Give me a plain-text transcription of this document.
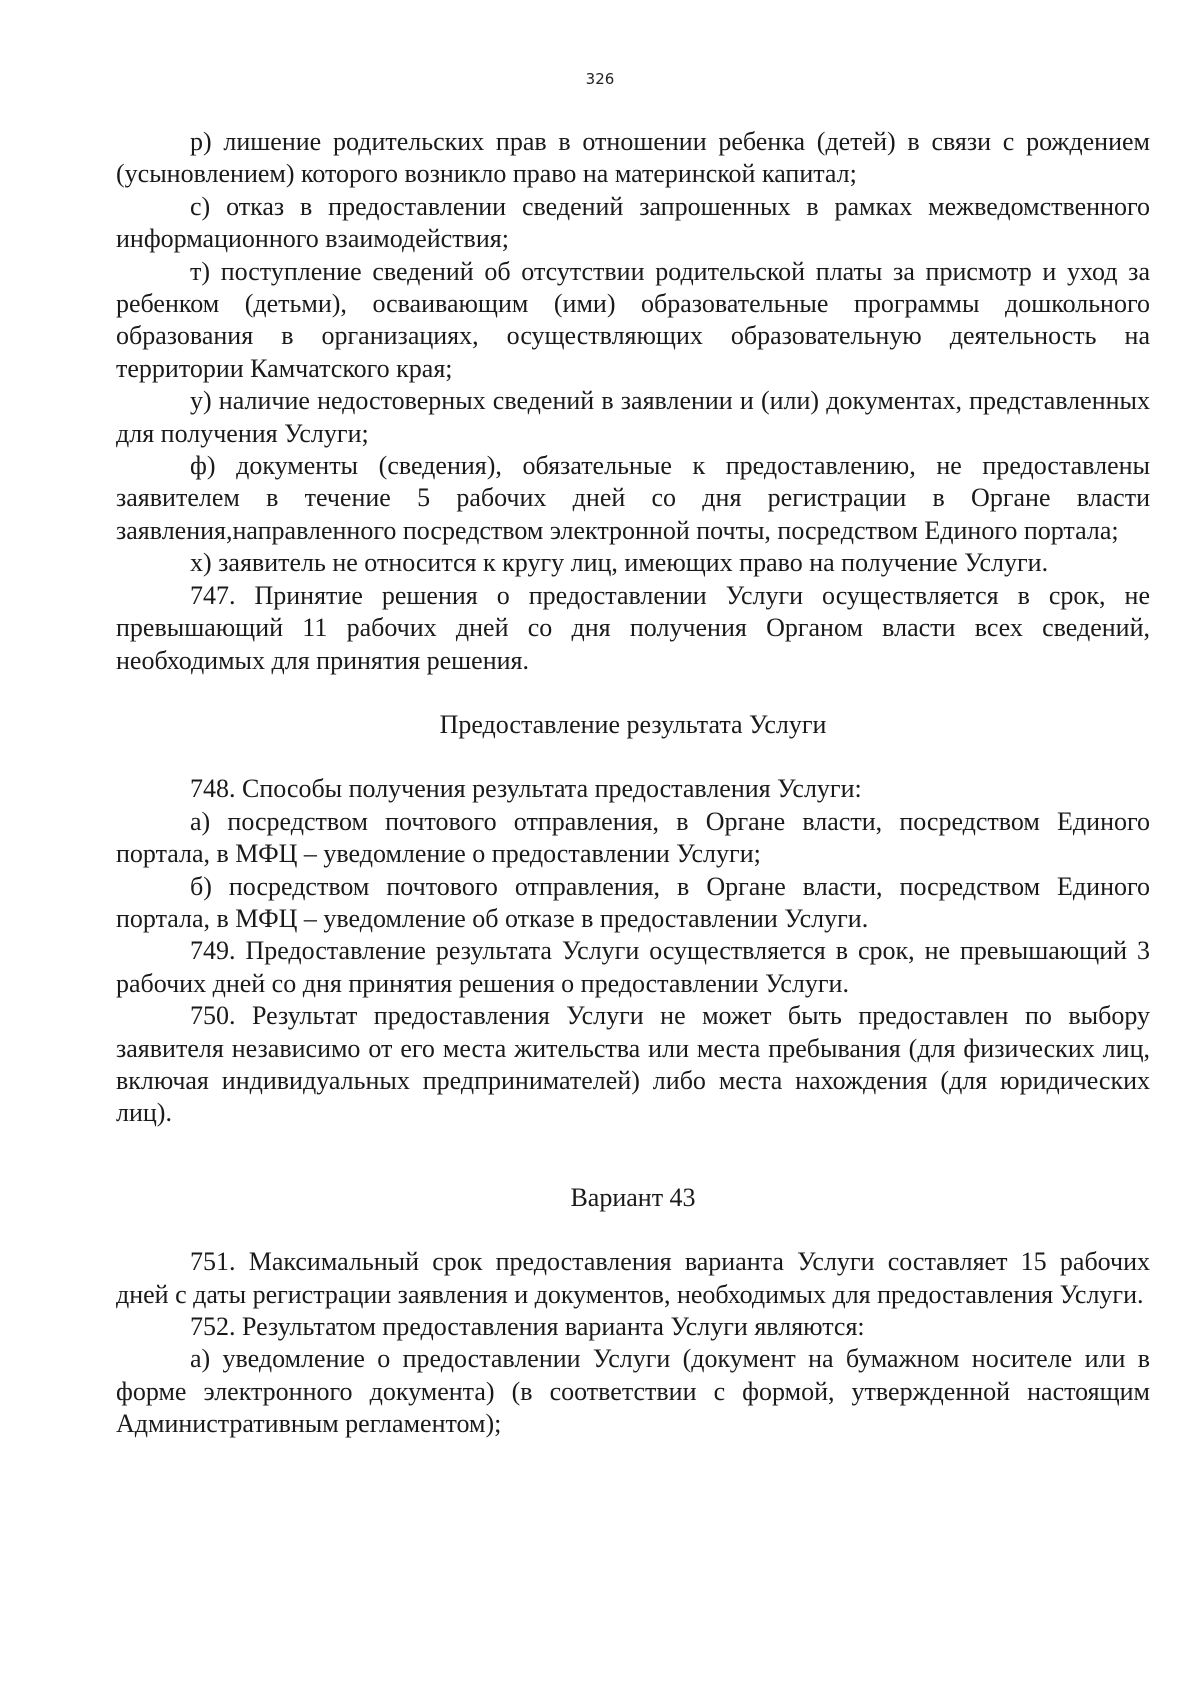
326

р) лишение родительских прав в отношении ребенка (детей) в связи с рождением (усыновлением) которого возникло право на материнской капитал;

с) отказ в предоставлении сведений запрошенных в рамках межведомственного информационного взаимодействия;

т) поступление сведений об отсутствии родительской платы за присмотр и уход за ребенком (детьми), осваивающим (ими) образовательные программы дошкольного образования в организациях, осуществляющих образовательную деятельность на территории Камчатского края;

у) наличие недостоверных сведений в заявлении и (или) документах, представленных для получения Услуги;

ф) документы (сведения), обязательные к предоставлению, не предоставлены заявителем в течение 5 рабочих дней со дня регистрации в Органе власти заявления,направленного посредством электронной почты, посредством Единого портала;

х) заявитель не относится к кругу лиц, имеющих право на получение Услуги.

747. Принятие решения о предоставлении Услуги осуществляется в срок, не превышающий 11 рабочих дней со дня получения Органом власти всех сведений, необходимых для принятия решения.

Предоставление результата Услуги

748. Способы получения результата предоставления Услуги:

а) посредством почтового отправления, в Органе власти, посредством Единого портала, в МФЦ – уведомление о предоставлении Услуги;

б) посредством почтового отправления, в Органе власти, посредством Единого портала, в МФЦ – уведомление об отказе в предоставлении Услуги.

749. Предоставление результата Услуги осуществляется в срок, не превышающий 3 рабочих дней со дня принятия решения о предоставлении Услуги.

750. Результат предоставления Услуги не может быть предоставлен по выбору заявителя независимо от его места жительства или места пребывания (для физических лиц, включая индивидуальных предпринимателей) либо места нахождения (для юридических лиц).

Вариант 43

751. Максимальный срок предоставления варианта Услуги составляет 15 рабочих дней с даты регистрации заявления и документов, необходимых для предоставления Услуги.

752. Результатом предоставления варианта Услуги являются:

а) уведомление о предоставлении Услуги (документ на бумажном носителе или в форме электронного документа) (в соответствии с формой, утвержденной настоящим Административным регламентом);
